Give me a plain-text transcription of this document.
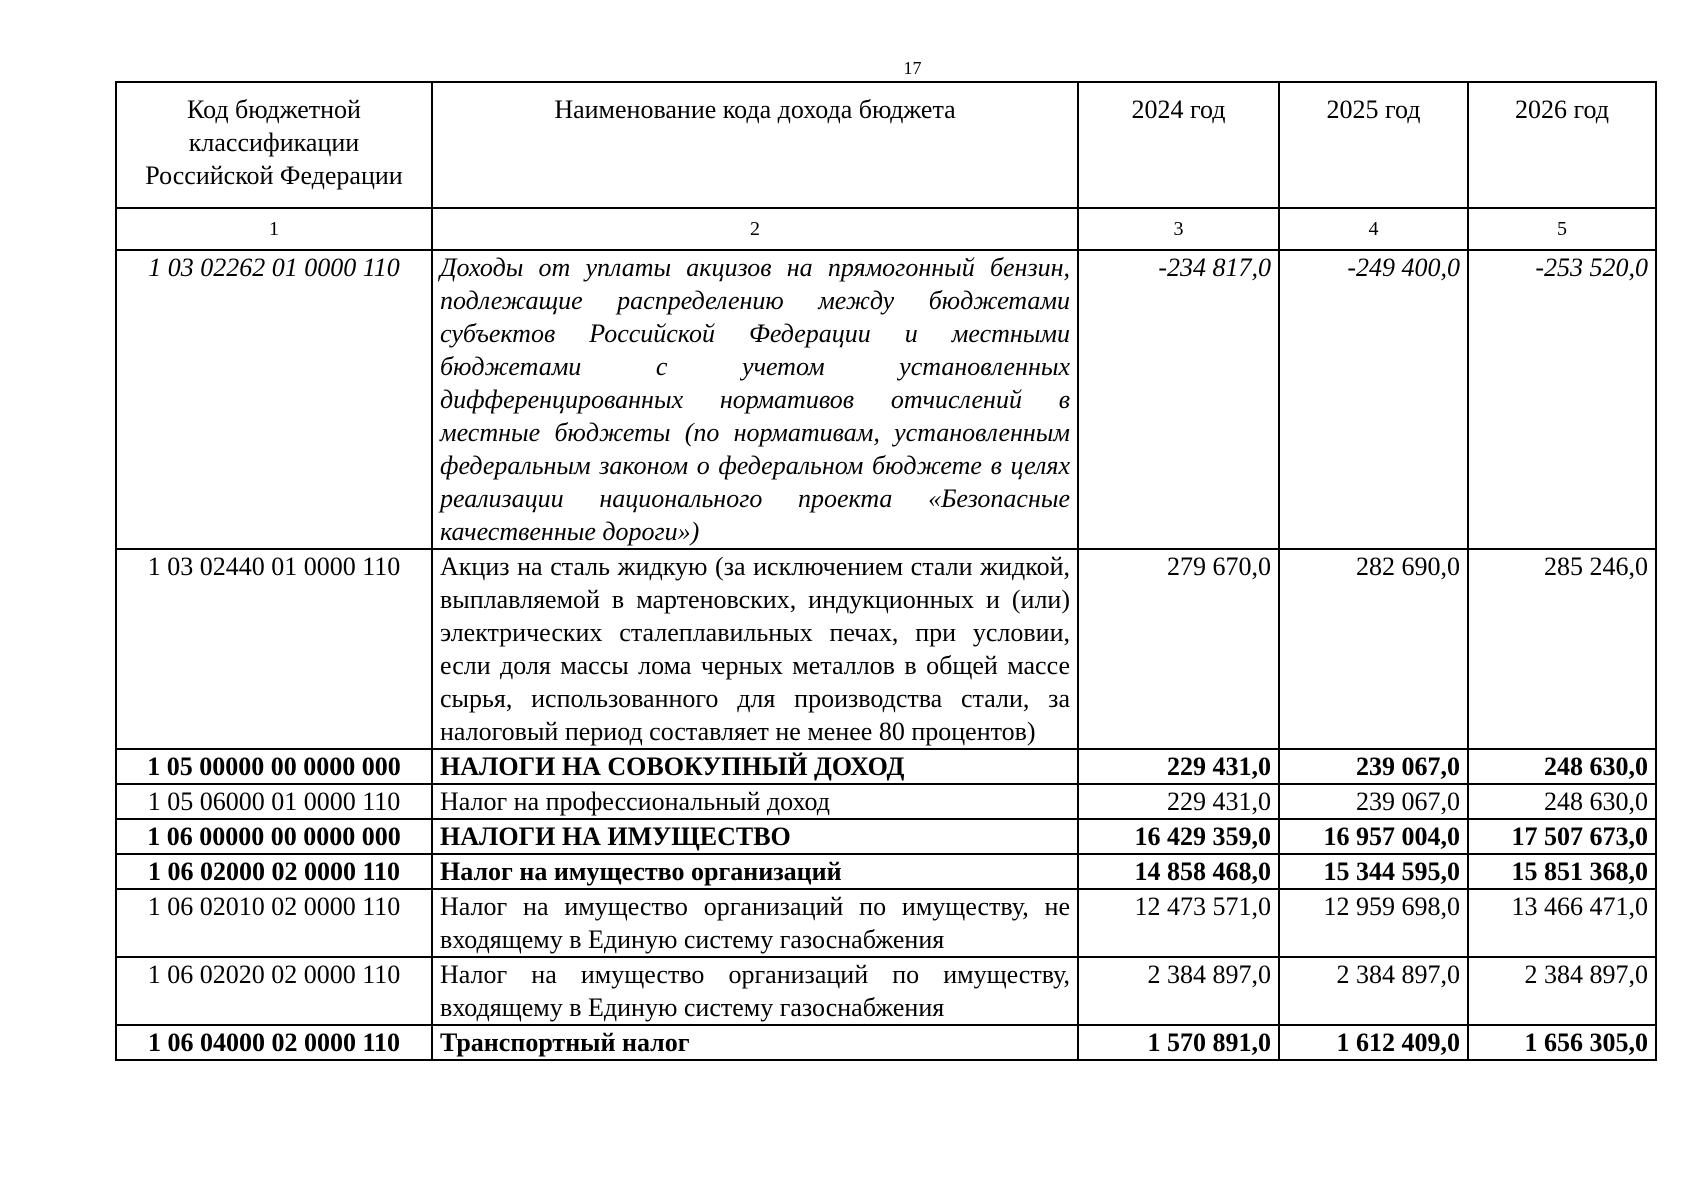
17
Код бюджетной классификации Российской Федерации	Наименование кода дохода бюджета	2024 год	2025 год	2026 год
1	2	3	4	5
1 03 02262 01 0000 110	Доходы от уплаты акцизов на прямогонный бензин, подлежащие распределению между бюджетами субъектов Российской Федерации и местными бюджетами с учетом установленных дифференцированных нормативов отчислений в местные бюджеты (по нормативам, установленным федеральным законом о федеральном бюджете в целях реализации национального проекта «Безопасные качественные дороги»)	-234 817,0	-249 400,0	-253 520,0
1 03 02440 01 0000 110	Акциз на сталь жидкую (за исключением стали жидкой, выплавляемой в мартеновских, индукционных и (или) электрических сталеплавильных печах, при условии, если доля массы лома черных металлов в общей массе сырья, использованного для производства стали, за налоговый период составляет не менее 80 процентов)	279 670,0	282 690,0	285 246,0
1 05 00000 00 0000 000	НАЛОГИ НА СОВОКУПНЫЙ ДОХОД	229 431,0	239 067,0	248 630,0
1 05 06000 01 0000 110	Налог на профессиональный доход	229 431,0	239 067,0	248 630,0
1 06 00000 00 0000 000	НАЛОГИ НА ИМУЩЕСТВО	16 429 359,0	16 957 004,0	17 507 673,0
1 06 02000 02 0000 110	Налог на имущество организаций	14 858 468,0	15 344 595,0	15 851 368,0
1 06 02010 02 0000 110	Налог на имущество организаций по имуществу, не входящему в Единую систему газоснабжения	12 473 571,0	12 959 698,0	13 466 471,0
1 06 02020 02 0000 110	Налог на имущество организаций по имуществу, входящему в Единую систему газоснабжения	2 384 897,0	2 384 897,0	2 384 897,0
1 06 04000 02 0000 110	Транспортный налог	1 570 891,0	1 612 409,0	1 656 305,0
